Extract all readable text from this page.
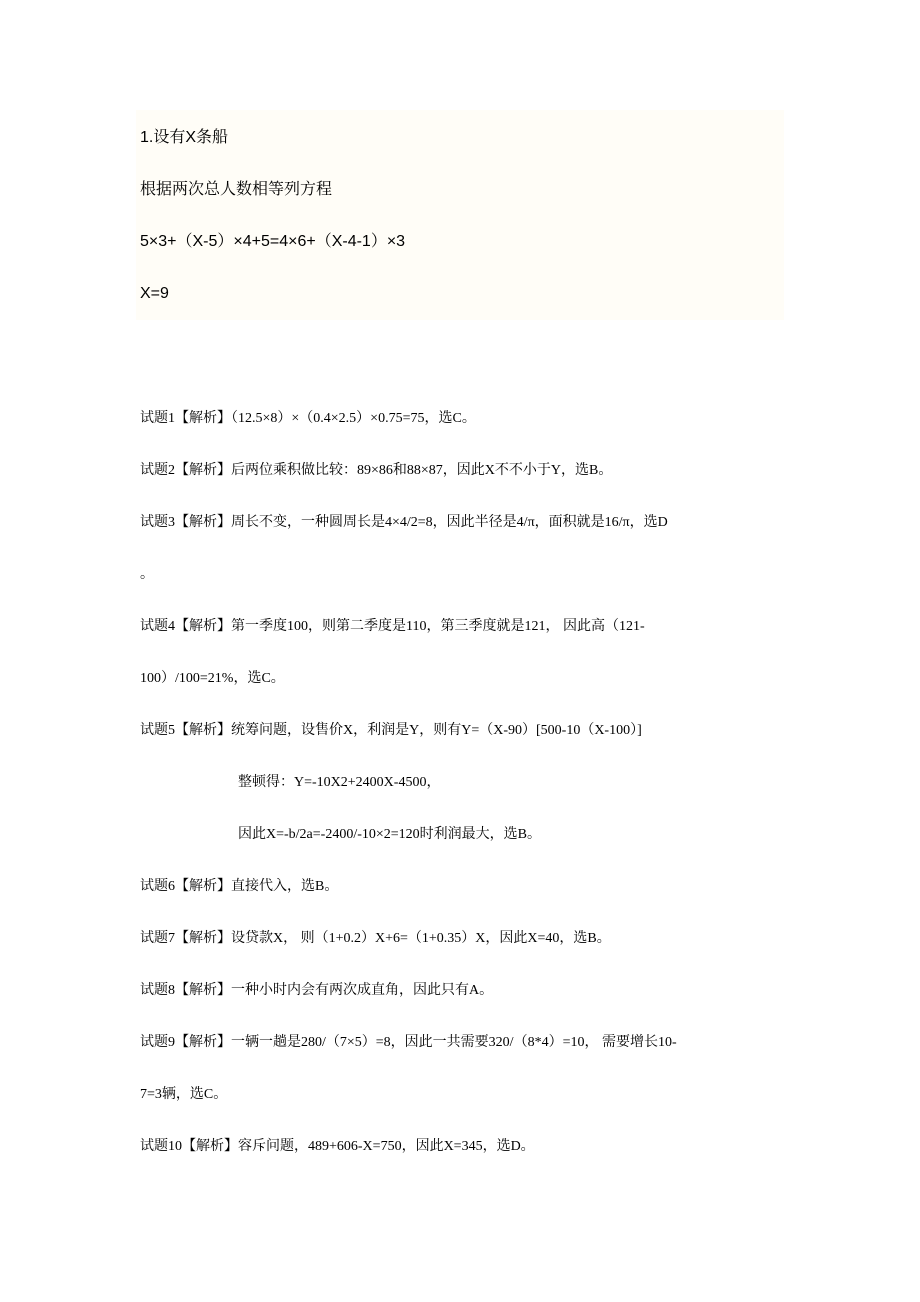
1.设有X条船
根据两次总人数相等列方程
5×3+（X-5）×4+5=4×6+（X-4-1）×3
X=9
试题1【解析】（12.5×8）×（0.4×2.5）×0.75=75，选C。
试题2【解析】后两位乘积做比较：89×86和88×87，因此X不不小于Y，选B。
试题3【解析】周长不变，一种圆周长是4×4/2=8，因此半径是4/π，面积就是16/π，选D
。
试题4【解析】第一季度100，则第二季度是110，第三季度就是121， 因此高（121-
100）/100=21%，选C。
试题5【解析】统筹问题，设售价X，利润是Y，则有Y=（X-90）[500-10（X-100）]
整顿得：Y=-10X2+2400X-4500，
因此X=-b/2a=-2400/-10×2=120时利润最大，选B。
试题6【解析】直接代入，选B。
试题7【解析】设贷款X， 则（1+0.2）X+6=（1+0.35）X，因此X=40，选B。
试题8【解析】一种小时内会有两次成直角，因此只有A。
试题9【解析】一辆一趟是280/（7×5）=8，因此一共需要320/（8*4）=10， 需要增长10-
7=3辆，选C。
试题10【解析】容斥问题，489+606-X=750，因此X=345，选D。
